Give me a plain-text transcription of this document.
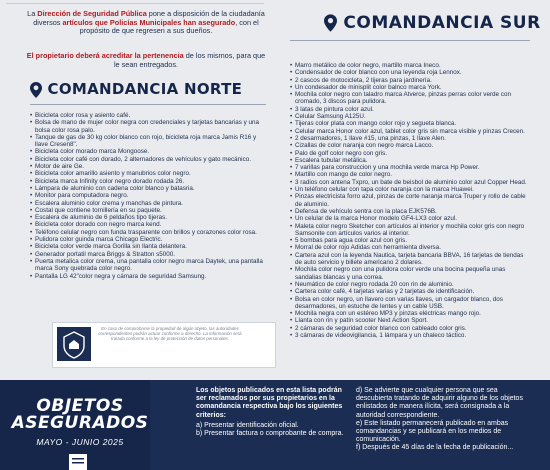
La Dirección de Seguridad Pública pone a disposición de la ciudadanía diversos artículos que Policías Municipales han asegurado, con el propósito de que regresen a sus dueños.
El propietario deberá acreditar la pertenencia de los mismos, para que le sean entregados.
COMANDANCIA NORTE
• Bicicleta color rosa y asiento café.
• Bolsa de mano de mujer color negra con credenciales y tarjetas bancarias y una bolsa color rosa palo.
• Tanque de gas de 30 kg color blanco con rojo, bicicleta roja marca Jamis R16 y llave Cresen8".
• Bicicleta color morado marca Mongoose.
• Bicicleta color café con dorado, 2 alternadores de vehículos y gato mecánico.
• Motor de aire Ge.
• Bicicleta color amarillo asiento y manubrios color negro.
• Bicicleta marca Infinity color negro dorado rodada 26.
• Lámpara de aluminio con cadena color blanco y batasria.
• Monitor para computadora negro.
• Escalera aluminio color crema y manchas de pintura.
• Costal que contiene tornillería en su paquete.
• Escalera de aluminio de 6 peldaños tipo tijeras.
• Bicicleta color dorado con negro marca kend.
• Teléfono celular negro con funda trasparente con brillos y corazones color rosa.
• Pulidora color guinda marca Chicago Electric.
• Bicicleta color verde marca Gorilla sin llanta delantera.
• Generador portatil marca Briggs & Stratton s5000.
• Puerta metalica color crema, una pantalla color negro marca Daytek, una pantalla marca Sony quebrada color negro.
• Pantalla LG 42"color negra y cámara de seguridad Samsung.
En caso de comprobarse la propiedad de algún objeto, las autoridades correspondientes podrán actuar conforme a derecho. La información será tratada conforme a la ley de protección de datos personales.
COMANDANCIA SUR
• Marro metálico de color negro, martillo marca Ineco.
• Condensador de color blanco con una leyenda roja Lennox.
• 2 cascos de motocicleta, 2 tijeras para jardinería.
• Un condesador de minisplit color balnco marca York.
• Mochila color negro con taladro marca Atverce, pinzas perras color verde con cromado, 3 discos para pulidora.
• 3 latas de pintura color azul.
• Celular Samsung A125U.
• Tijeras color plata con mango color rojo y segueta blanca.
• Celular marca Honor color azul, tablet color gris sin marca visible y pinzas Crecen.
• 2 desarmadores, 1 llave #15, una pinzas, 1 llave Alen.
• Cizallas de color naranja con negro marca Lacco.
• Palo de golf color negro con gris.
• Escalera tubular metálica.
• 7 varillas para construccion y una mochila verde marca Hp Power.
• Martillo con mango de color negro.
• 3 radios con antena Txpro, un bate de beisbol de aluminio color azul Copper Head.
• Un teléfono celular con tapa color naranja con la marca Huawei.
• Pinzas electricista forro azul, pinzas de corte naranja marca Truper y rollo de cable de aluminio.
• Defensa de vehículo sentra con la placa EJK576B.
• Un celular de la marca Honor modelo GF4-LX3 color azul.
• Maleta color negro Sketcher con artículos al interior y mochila color gris con negro Samsonite con artículos varios al interior.
• 5 bombas para agua color azul con gris.
• Morral de color rojo Adidas con herramienta diversa.
• Cartera azul con la leyenda Nautica, tarjeta bancaria BBVA, 16 tarjetas de tiendas de auto servicio y billete americano 2 dolares.
• Mochila color negro con una pulidora color verde una bocina pequeña unas sandalias blancas y una correa.
• Neumático de color negro rodada 20 con rin de aluminio.
• Cartera color café, 4 tarjetas varias y 2 tarjetas de identificación.
• Bolsa en color negro, un llavero con varias llaves, un cargador blanco, dos desarmadores, un estuche de lentes y un cable USB.
• Mochila negra con un estéreo MP3 y pinzas eléctricas mango rojo.
• Llanta con rin y patín scooter Next Action Sport.
• 2 cámaras de seguridad color blanco con cableado color gris.
• 3 cámaras de videovigilancia, 1 lámpara y un chaleco táctico.
OBJETOS
ASEGURADOS
MAYO - JUNIO 2025
Los objetos publicados en esta lista podrán ser reclamados por sus propietarios en la comandancia respectiva bajo los siguientes criterios:
a) Presentar identificación oficial.
b) Presentar factura o comprobante de compra.
d) Se advierte que cualquier persona que sea descubierta tratando de adquirir alguno de los objetos enlistados de manera ilícita, será consignada a la autoridad correspondiente.
e) Este listado permanecerá publicado en ambas comandancias y se publicará en los medios de comunicación.
f) Después de 45 días de la fecha de publicación...
